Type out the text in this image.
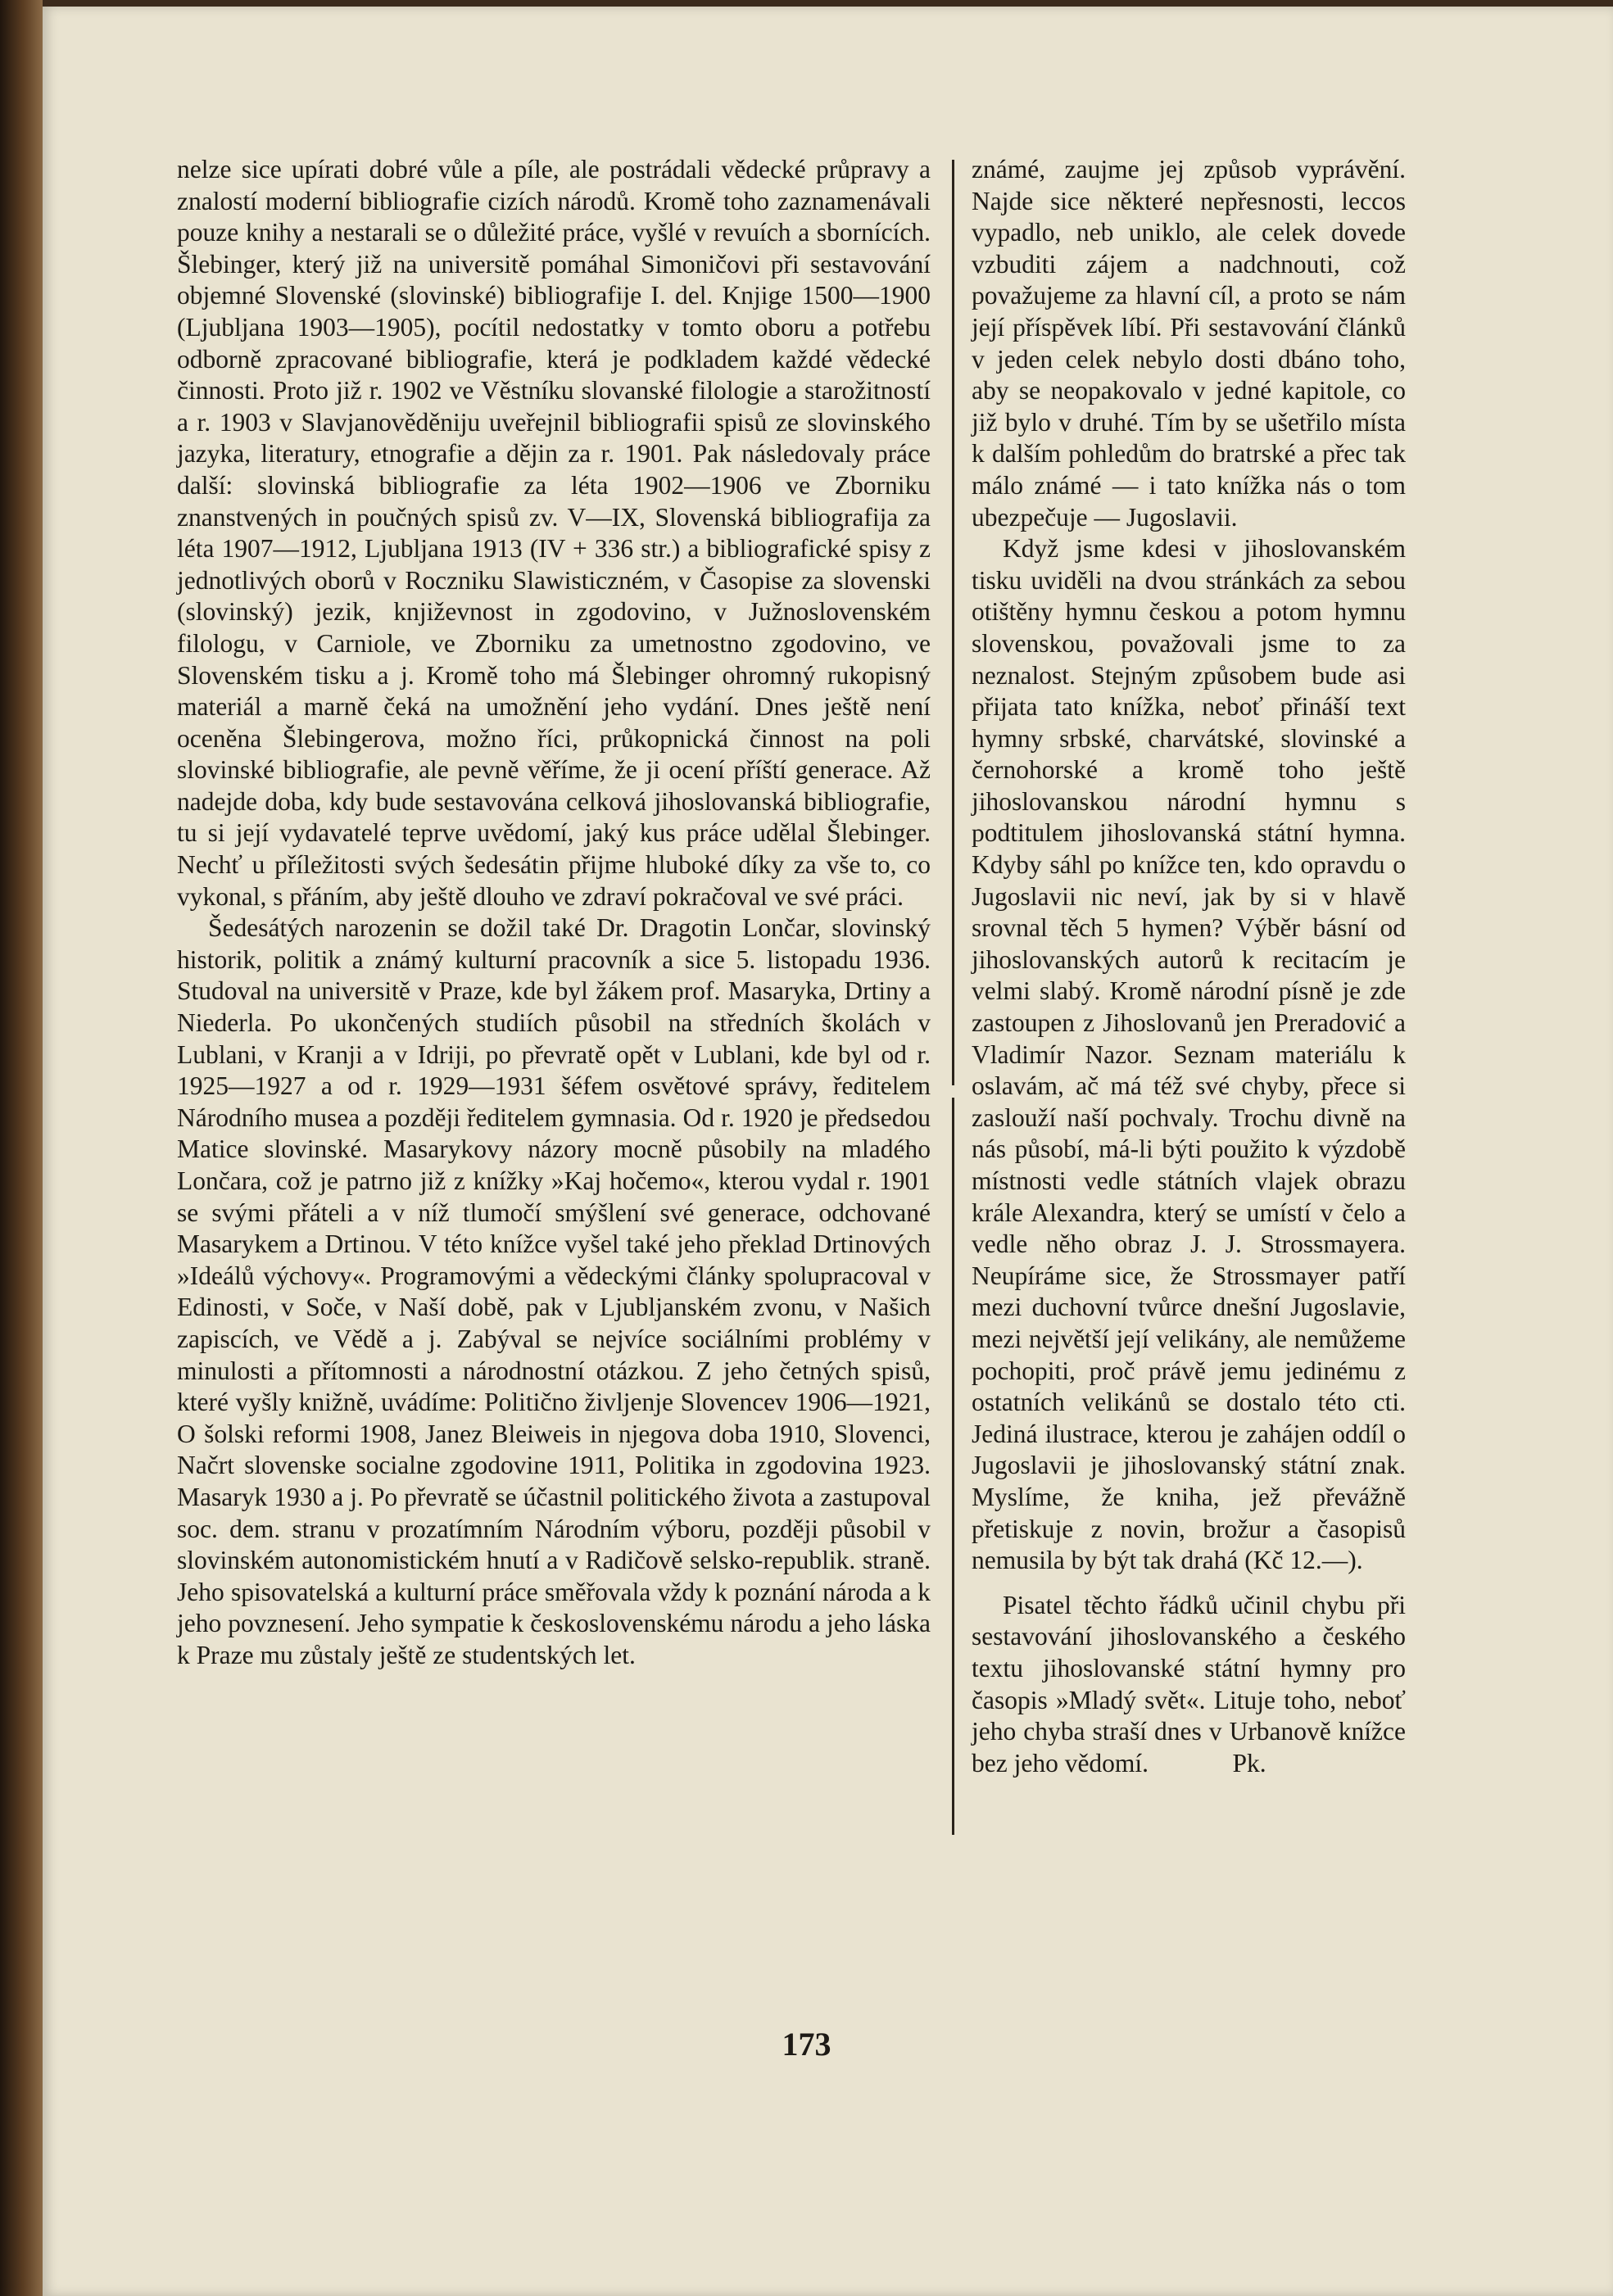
nelze sice upírati dobré vůle a píle, ale postrádali vědecké průpravy a znalostí moderní bibliografie cizích národů. Kromě toho zaznamenávali pouze knihy a nestarali se o důležité práce, vyšlé v revuích a sbornících. Šlebinger, který již na universitě pomáhal Simoničovi při sestavování objemné Slovenské (slovinské) bibliografije I. del. Knjige 1500—1900 (Ljubljana 1903—1905), pocítil nedostatky v tomto oboru a potřebu odborně zpracované bibliografie, která je podkladem každé vědecké činnosti. Proto již r. 1902 ve Věstníku slovanské filologie a starožitností a r. 1903 v Slavjanověděniju uveřejnil bibliografii spisů ze slovinského jazyka, literatury, etnografie a dějin za r. 1901. Pak následovaly práce další: slovinská bibliografie za léta 1902—1906 ve Zborniku znanstvených in poučných spisů zv. V—IX, Slovenská bibliografija za léta 1907—1912, Ljubljana 1913 (IV + 336 str.) a bibliografické spisy z jednotlivých oborů v Roczniku Slawisticzném, v Časopise za slovenski (slovinský) jezik, književnost in zgodovino, v Južnoslovenském filologu, v Carniole, ve Zborniku za umetnostno zgodovino, ve Slovenském tisku a j. Kromě toho má Šlebinger ohromný rukopisný materiál a marně čeká na umožnění jeho vydání. Dnes ještě není oceněna Šlebingerova, možno říci, průkopnická činnost na poli slovinské bibliografie, ale pevně věříme, že ji ocení příští generace. Až nadejde doba, kdy bude sestavována celková jihoslovanská bibliografie, tu si její vydavatelé teprve uvědomí, jaký kus práce udělal Šlebinger. Nechť u příležitosti svých šedesátin přijme hluboké díky za vše to, co vykonal, s přáním, aby ještě dlouho ve zdraví pokračoval ve své práci.

Šedesátých narozenin se dožil také Dr. Dragotin Lončar, slovinský historik, politik a známý kulturní pracovník a sice 5. listopadu 1936. Studoval na universitě v Praze, kde byl žákem prof. Masaryka, Drtiny a Niederla. Po ukončených studiích působil na středních školách v Lublani, v Kranji a v Idriji, po převratě opět v Lublani, kde byl od r. 1925—1927 a od r. 1929—1931 šéfem osvětové správy, ředitelem Národního musea a později ředitelem gymnasia. Od r. 1920 je předsedou Matice slovinské. Masarykovy názory mocně působily na mladého Lončara, což je patrno již z knížky »Kaj hočemo«, kterou vydal r. 1901 se svými přáteli a v níž tlumočí smýšlení své generace, odchované Masarykem a Drtinou. V této knížce vyšel také jeho překlad Drtinových »Ideálů výchovy«. Programovými a vědeckými články spolupracoval v Edinosti, v Soče, v Naší době, pak v Ljubljanském zvonu, v Našich zapiscích, ve Vědě a j. Zabýval se nejvíce sociálními problémy v minulosti a přítomnosti a národnostní otázkou. Z jeho četných spisů, které vyšly knižně, uvádíme: Politično življenje Slovencev 1906—1921, O šolski reformi 1908, Janez Bleiweis in njegova doba 1910, Slovenci, Načrt slovenske socialne zgodovine 1911, Politika in zgodovina 1923. Masaryk 1930 a j. Po převratě se účastnil politického života a zastupoval soc. dem. stranu v prozatímním Národním výboru, později působil v slovinském autonomistickém hnutí a v Radičově selsko-republik. straně. Jeho spisovatelská a kulturní práce směřovala vždy k poznání národa a k jeho povznesení. Jeho sympatie k československému národu a jeho láska k Praze mu zůstaly ještě ze studentských let.

známé, zaujme jej způsob vyprávění. Najde sice některé nepřesnosti, leccos vypadlo, neb uniklo, ale celek dovede vzbuditi zájem a nadchnouti, což považujeme za hlavní cíl, a proto se nám její příspěvek líbí. Při sestavování článků v jeden celek nebylo dosti dbáno toho, aby se neopakovalo v jedné kapitole, co již bylo v druhé. Tím by se ušetřilo místa k dalším pohledům do bratrské a přec tak málo známé — i tato knížka nás o tom ubezpečuje — Jugoslavii.

Když jsme kdesi v jihoslovanském tisku uviděli na dvou stránkách za sebou otištěny hymnu českou a potom hymnu slovenskou, považovali jsme to za neznalost. Stejným způsobem bude asi přijata tato knížka, neboť přináší text hymny srbské, charvátské, slovinské a černohorské a kromě toho ještě jihoslovanskou národní hymnu s podtitulem jihoslovanská státní hymna. Kdyby sáhl po knížce ten, kdo opravdu o Jugoslavii nic neví, jak by si v hlavě srovnal těch 5 hymen? Výběr básní od jihoslovanských autorů k recitacím je velmi slabý. Kromě národní písně je zde zastoupen z Jihoslovanů jen Preradović a Vladimír Nazor. Seznam materiálu k oslavám, ač má též své chyby, přece si zaslouží naší pochvaly. Trochu divně na nás působí, má-li býti použito k výzdobě místnosti vedle státních vlajek obrazu krále Alexandra, který se umístí v čelo a vedle něho obraz J. J. Strossmayera. Neupíráme sice, že Strossmayer patří mezi duchovní tvůrce dnešní Jugoslavie, mezi největší její velikány, ale nemůžeme pochopiti, proč právě jemu jedinému z ostatních velikánů se dostalo této cti. Jediná ilustrace, kterou je zahájen oddíl o Jugoslavii je jihoslovanský státní znak. Myslíme, že kniha, jež převážně přetiskuje z novin, brožur a časopisů nemusila by být tak drahá (Kč 12.—).

Pisatel těchto řádků učinil chybu při sestavování jihoslovanského a českého textu jihoslovanské státní hymny pro časopis »Mladý svět«. Lituje toho, neboť jeho chyba straší dnes v Urbanově knížce bez jeho vědomí.	Pk.

173
